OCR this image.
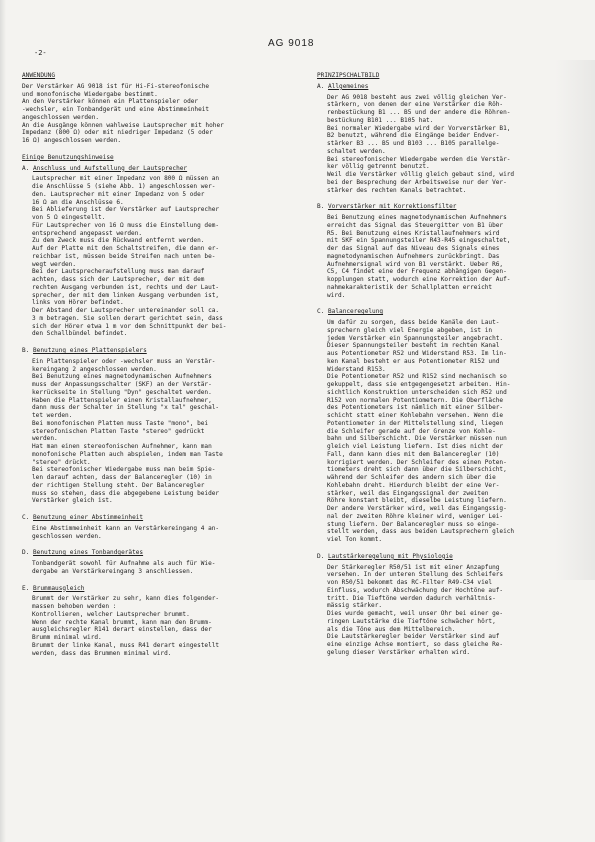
-2-
AG 9018
ANWENDUNG
Der Verstärker AG 9018 ist für Hi-Fi-stereofonische
und monofonische Wiedergabe bestimmt.
An den Verstärker können ein Plattenspieler oder
-wechsler, ein Tonbandgerät und eine Abstimmeinheit
angeschlossen werden.
An die Ausgänge können wahlweise Lautsprecher mit hoher
Impedanz (800 Ω) oder mit niedriger Impedanz (5 oder
16 Ω) angeschlossen werden.
Einige Benutzungshinweise
A. Anschluss und Aufstellung der Lautsprecher
Lautsprecher mit einer Impedanz von 800 Ω müssen an
die Anschlüsse 5 (siehe Abb. 1) angeschlossen wer-
den. Lautsprecher mit einer Impedanz von 5 oder
16 Ω an die Anschlüsse 6.
Bei Ablieferung ist der Verstärker auf Lautsprecher
von 5 Ω eingestellt.
Für Lautsprecher von 16 Ω muss die Einstellung dem-
entsprechend angepasst werden.
Zu dem Zweck muss die Rückwand entfernt werden.
Auf der Platte mit den Schaltstreifen, die dann er-
reichbar ist, müssen beide Streifen nach unten be-
wegt werden.
Bei der Lautsprecheraufstellung muss man darauf
achten, dass sich der Lautsprecher, der mit dem
rechten Ausgang verbunden ist, rechts und der Laut-
sprecher, der mit dem linken Ausgang verbunden ist,
links vom Hörer befindet.
Der Abstand der Lautsprecher untereinander soll ca.
3 m betragen. Sie sollen derart gerichtet sein, dass
sich der Hörer etwa 1 m vor dem Schnittpunkt der bei-
den Schallbündel befindet.
B. Benutzung eines Plattenspielers
Ein Plattenspieler oder -wechsler muss an Verstär-
kereingang 2 angeschlossen werden.
Bei Benutzung eines magnetodynamischen Aufnehmers
muss der Anpassungsschalter (SKF) an der Verstär-
kerrückseite in Stellung "Dyn" geschaltet werden.
Haben die Plattenspieler einen Kristallaufnehmer,
dann muss der Schalter in Stellung "x tal" geschal-
tet werden.
Bei monofonischen Platten muss Taste "mono", bei
stereofonischen Platten Taste "stereo" gedrückt
werden.
Hat man einen stereofonischen Aufnehmer, kann man
monofonische Platten auch abspielen, indem man Taste
"stereo" drückt.
Bei stereofonischer Wiedergabe muss man beim Spie-
len darauf achten, dass der Balanceregler (10) in
der richtigen Stellung steht. Der Balanceregler
muss so stehen, dass die abgegebene Leistung beider
Verstärker gleich ist.
C. Benutzung einer Abstimmeinheit
Eine Abstimmeinheit kann an Verstärkereingang 4 an-
geschlossen werden.
D. Benutzung eines Tonbandgerätes
Tonbandgerät sowohl für Aufnahme als auch für Wie-
dergabe an Verstärkereingang 3 anschliessen.
E. Brummausgleich
Brummt der Verstärker zu sehr, kann dies folgender-
massen behoben werden :
Kontrollieren, welcher Lautsprecher brummt.
Wenn der rechte Kanal brummt, kann man den Brumm-
ausgleichsregler R141 derart einstellen, dass der
Brumm minimal wird.
Brummt der linke Kanal, muss R41 derart eingestellt
werden, dass das Brummen minimal wird.
PRINZIPSCHALTBILD
A. Allgemeines
Der AG 9018 besteht aus zwei völlig gleichen Ver-
stärkern, von denen der eine Verstärker die Röh-
renbestückung B1 ... B5 und der andere die Röhren-
bestückung B101 ... B105 hat.
Bei normaler Wiedergabe wird der Vorverstärker B1,
B2 benutzt, während die Eingänge beider Endver-
stärker B3 ... B5 und B103 ... B105 parallelge-
schaltet werden.
Bei stereofonischer Wiedergabe werden die Verstär-
ker völlig getrennt benutzt.
Weil die Verstärker völlig gleich gebaut sind, wird
bei der Besprechung der Arbeitsweise nur der Ver-
stärker des rechten Kanals betrachtet.
B. Vorverstärker mit Korrektionsfilter
Bei Benutzung eines magnetodynamischen Aufnehmers
erreicht das Signal das Steuergitter von B1 über
R5. Bei Benutzung eines Kristallaufnehmers wird
mit SKF ein Spannungsteiler R43-R45 eingeschaltet,
der das Signal auf das Niveau des Signals eines
magnetodynamischen Aufnehmers zurückbringt. Das
Aufnehmersignal wird von B1 verstärkt. Ueber R6,
C5, C4 findet eine der Frequenz abhängigen Gegen-
kopplungen statt, wodurch eine Korrektion der Auf-
nahmekarakteristik der Schallplatten erreicht
wird.
C. Balanceregelung
Um dafür zu sorgen, dass beide Kanäle den Laut-
sprechern gleich viel Energie abgeben, ist in
jedem Verstärker ein Spannungsteiler angebracht.
Dieser Spannungsteiler besteht im rechten Kanal
aus Potentiometer R52 und Widerstand R53. Im lin-
ken Kanal besteht er aus Potentiometer R152 und
Widerstand R153.
Die Potentiometer R52 und R152 sind mechanisch so
gekuppelt, dass sie entgegengesetzt arbeiten. Hin-
sichtlich Konstruktion unterscheiden sich R52 und
R152 von normalen Potentiometern. Die Oberfläche
des Potentiometers ist nämlich mit einer Silber-
schicht statt einer Kohlebahn versehen. Wenn die
Potentiometer in der Mittelstellung sind, liegen
die Schleifer gerade auf der Grenze von Kohle-
bahn und Silberschicht. Die Verstärker müssen nun
gleich viel Leistung liefern. Ist dies nicht der
Fall, dann kann dies mit dem Balanceregler (10)
korrigiert werden. Der Schleifer des einen Poten-
tiometers dreht sich dann über die Silberschicht,
während der Schleifer des andern sich über die
Kohlebahn dreht. Hierdurch bleibt der eine Ver-
stärker, weil das Eingangssignal der zweiten
Röhre konstant bleibt, dieselbe Leistung liefern.
Der andere Verstärker wird, weil das Eingangssig-
nal der zweiten Röhre kleiner wird, weniger Lei-
stung liefern. Der Balanceregler muss so einge-
stellt werden, dass aus beiden Lautsprechern gleich
viel Ton kommt.
D. Lautstärkeregelung mit Physiologie
Der Stärkeregler R50/51 ist mit einer Anzapfung
versehen. In der unteren Stellung des Schleifers
von R50/51 bekommt das RC-Filter R49-C34 viel
Einfluss, wodurch Abschwächung der Hochtöne auf-
tritt. Die Tieftöne werden dadurch verhältnis-
mässig stärker.
Dies wurde gemacht, weil unser Ohr bei einer ge-
ringen Lautstärke die Tieftöne schwächer hört,
als die Töne aus dem Mittelbereich.
Die Lautstärkeregler beider Verstärker sind auf
eine einzige Achse montiert, so dass gleiche Re-
gelung dieser Verstärker erhalten wird.
